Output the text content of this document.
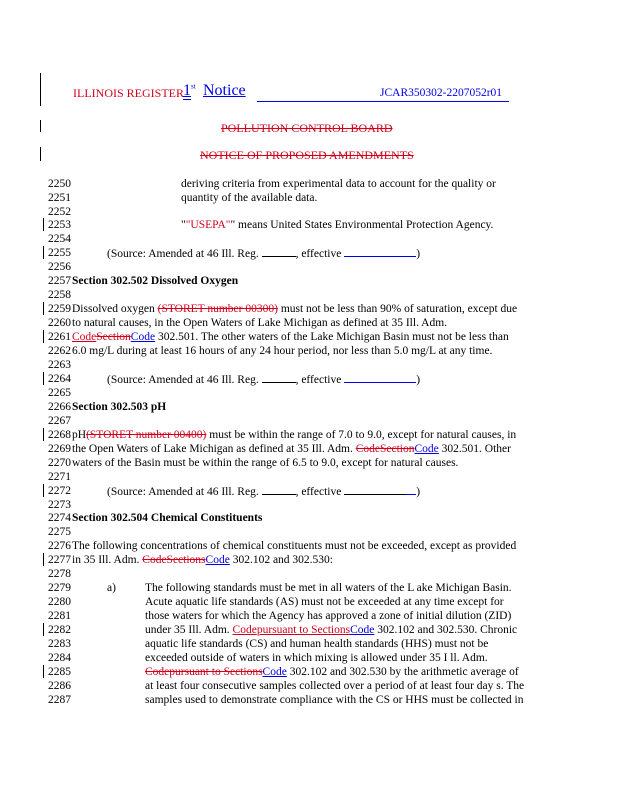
ILLINOIS REGISTER 1st Notice	JCAR350302-2207052r01
POLLUTION CONTROL BOARD
NOTICE OF PROPOSED AMENDMENTS
2250
2251
2252
2253
2254
2255
2256
2257
2258
2259
2260
2261
2262
2263
2264
2265
2266
2267
2268
2269
2270
2271
2272
2273
2274
2275
2276
2277
2278
2279
2280
2281
2282
2283
2284
2285
2286
2287
deriving criteria from experimental data to account for the quality or
quantity of the available data.
""USEPA"" means United States Environmental Protection Agency.
(Source: Amended at 46 Ill. Reg.	, effective	)
Section 302.502 Dissolved Oxygen
Dissolved oxygen (STORET number 00300) must not be less than 90% of saturation, except due
to natural causes, in the Open Waters of Lake Michigan as defined at 35 Ill. Adm.
CodeSectionCode 302.501. The other waters of the Lake Michigan Basin must not be less than
6.0 mg/L during at least 16 hours of any 24 hour period, nor less than 5.0 mg/L at any time.
(Source: Amended at 46 Ill. Reg.	, effective	)
Section 302.503 pH
pH(STORET number 00400) must be within the range of 7.0 to 9.0, except for natural causes, in
the Open Waters of Lake Michigan as defined at 35 Ill. Adm. CodeSectionCode 302.501. Other
waters of the Basin must be within the range of 6.5 to 9.0, except for natural causes.
(Source: Amended at 46 Ill. Reg.	, effective	)
Section 302.504 Chemical Constituents
The following concentrations of chemical constituents must not be exceeded, except as provided
in 35 Ill. Adm. CodeSectionsCode 302.102 and 302.530:
a)	The following standards must be met in all waters of the L ake Michigan Basin.
Acute aquatic life standards (AS) must not be exceeded at any time except for
those waters for which the Agency has approved a zone of initial dilution (ZID)
under 35 Ill. Adm. Codepursuant to SectionsCode 302.102 and 302.530. Chronic
aquatic life standards (CS) and human health standards (HHS) must not be
exceeded outside of waters in which mixing is allowed under 35 I ll. Adm.
Codepursuant to SectionsCode 302.102 and 302.530 by the arithmetic average of
at least four consecutive samples collected over a period of at least four day s. The
samples used to demonstrate compliance with the CS or HHS must be collected in
